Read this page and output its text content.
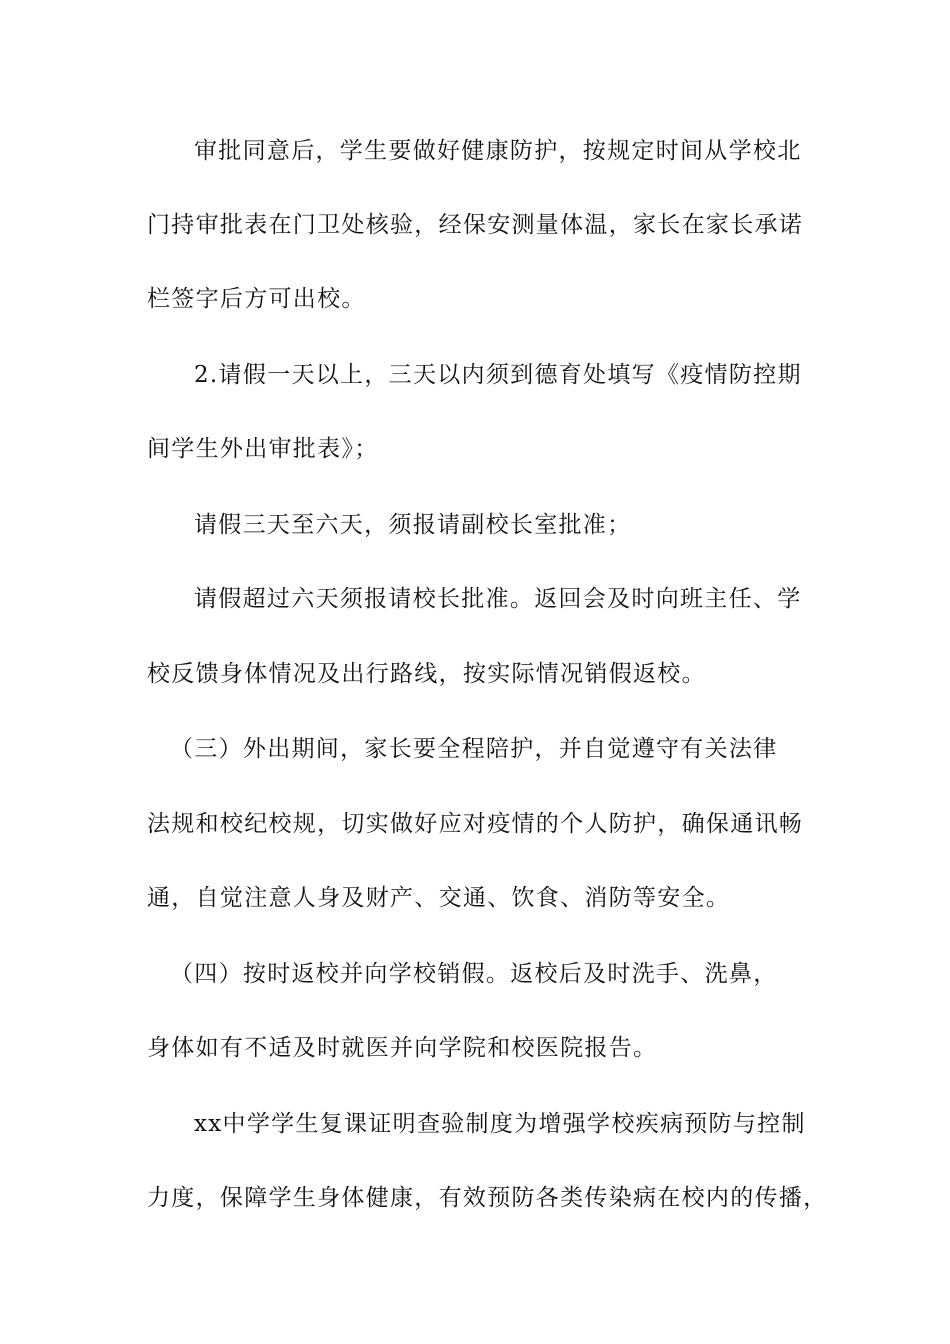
审批同意后，学生要做好健康防护，按规定时间从学校北
门持审批表在门卫处核验，经保安测量体温，家长在家长承诺
栏签字后方可出校。
2.请假一天以上，三天以内须到德育处填写《疫情防控期
间学生外出审批表》；
请假三天至六天，须报请副校长室批准；
请假超过六天须报请校长批准。返回会及时向班主任、学
校反馈身体情况及出行路线，按实际情况销假返校。
（三）外出期间，家长要全程陪护，并自觉遵守有关法律
法规和校纪校规，切实做好应对疫情的个人防护，确保通讯畅
通，自觉注意人身及财产、交通、饮食、消防等安全。
（四）按时返校并向学校销假。返校后及时洗手、洗鼻，
身体如有不适及时就医并向学院和校医院报告。
xx中学学生复课证明查验制度为增强学校疾病预防与控制
力度，保障学生身体健康，有效预防各类传染病在校内的传播，
